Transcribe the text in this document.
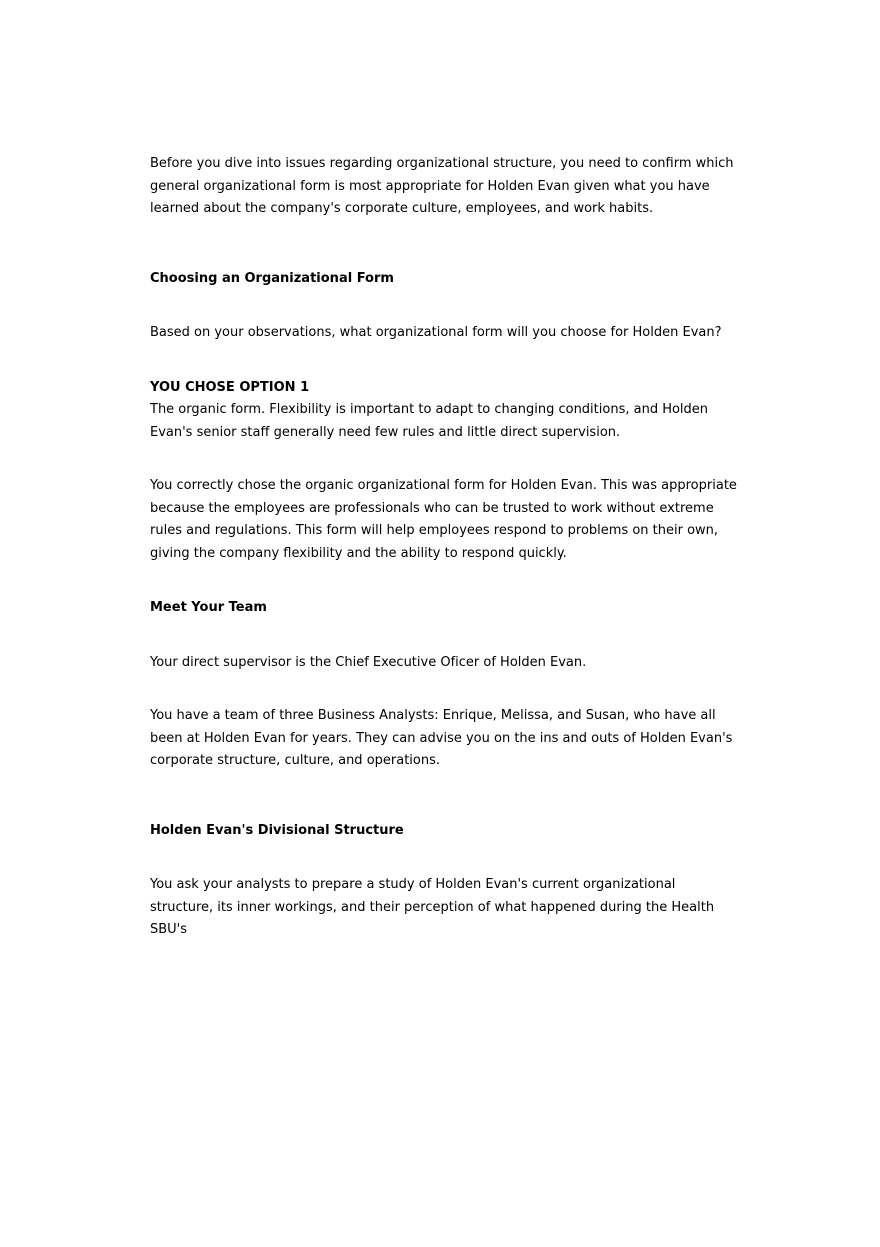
Before you dive into issues regarding organizational structure, you need to confirm which general organizational form is most appropriate for Holden Evan given what you have learned about the company's corporate culture, employees, and work habits.

Choosing an Organizational Form

Based on your observations, what organizational form will you choose for Holden Evan?

YOU CHOSE OPTION 1

The organic form. Flexibility is important to adapt to changing conditions, and Holden Evan's senior staff generally need few rules and little direct supervision.

You correctly chose the organic organizational form for Holden Evan. This was appropriate because the employees are professionals who can be trusted to work without extreme rules and regulations. This form will help employees respond to problems on their own, giving the company flexibility and the ability to respond quickly.

Meet Your Team

Your direct supervisor is the Chief Executive Ofi̇cer of Holden Evan.

You have a team of three Business Analysts: Enrique, Melissa, and Susan, who have all been at Holden Evan for years. They can advise you on the ins and outs of Holden Evan's corporate structure, culture, and operations.

Holden Evan's Divisional Structure

You ask your analysts to prepare a study of Holden Evan's current organizational structure, its inner workings, and their perception of what happened during the Health SBU's
